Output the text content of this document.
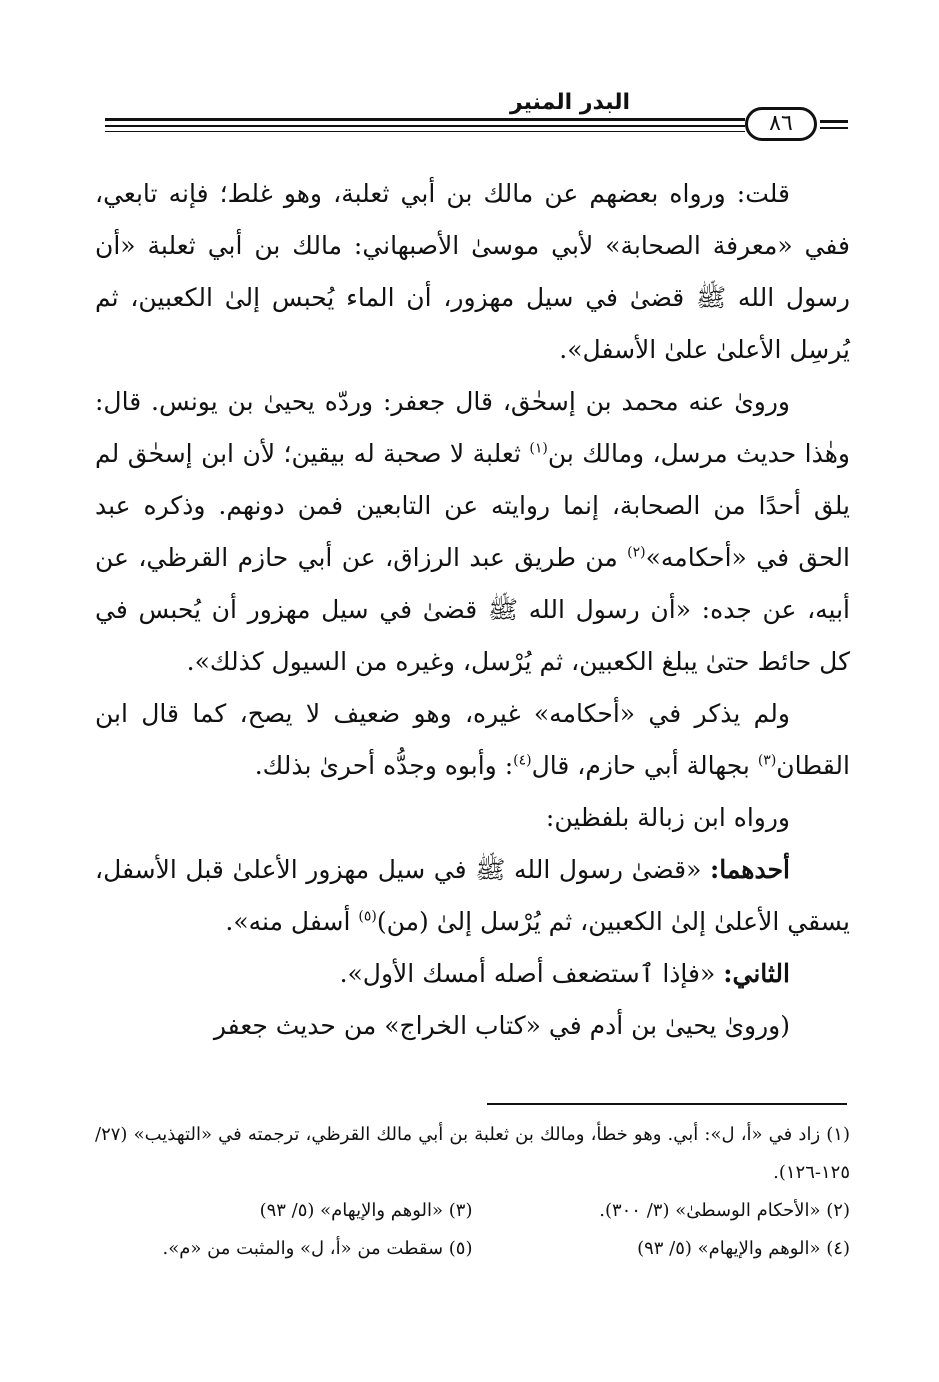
البدر المنير
٨٦

قلت: ورواه بعضهم عن مالك بن أبي ثعلبة، وهو غلط؛ فإنه تابعي، ففي «معرفة الصحابة» لأبي موسىٰ الأصبهاني: مالك بن أبي ثعلبة «أن رسول الله ﷺ قضىٰ في سيل مهزور، أن الماء يُحبس إلىٰ الكعبين، ثم يُرسِل الأعلىٰ علىٰ الأسفل».

وروىٰ عنه محمد بن إسحٰق، قال جعفر: وردّه يحيىٰ بن يونس. قال: وهٰذا حديث مرسل، ومالك بن$^{(١)}$ ثعلبة لا صحبة له بيقين؛ لأن ابن إسحٰق لم يلق أحدًا من الصحابة، إنما روايته عن التابعين فمن دونهم. وذكره عبد الحق في «أحكامه»$^{(٢)}$ من طريق عبد الرزاق، عن أبي حازم القرظي، عن أبيه، عن جده: «أن رسول الله ﷺ قضىٰ في سيل مهزور أن يُحبس في كل حائط حتىٰ يبلغ الكعبين، ثم يُرْسل، وغيره من السيول كذلك».

ولم يذكر في «أحكامه» غيره، وهو ضعيف لا يصح، كما قال ابن القطان$^{(٣)}$ بجهالة أبي حازم، قال$^{(٤)}$: وأبوه وجدُّه أحرىٰ بذلك.

ورواه ابن زبالة بلفظين:

أحدهما: «قضىٰ رسول الله ﷺ في سيل مهزور الأعلىٰ قبل الأسفل، يسقي الأعلىٰ إلىٰ الكعبين، ثم يُرْسل إلىٰ (من)$^{(٥)}$ أسفل منه».

الثاني: «فإذا ٱستضعف أصله أمسك الأول».

(وروىٰ يحيىٰ بن أدم في «كتاب الخراج» من حديث جعفر

(١) زاد في «أ، ل»: أبي. وهو خطأ، ومالك بن ثعلبة بن أبي مالك القرظي، ترجمته في «التهذيب» (٢٧/ ١٢٥-١٢٦).
(٢) «الأحكام الوسطىٰ» (٣/ ٣٠٠).
(٣) «الوهم والإيهام» (٥/ ٩٣)
(٤) «الوهم والإيهام» (٥/ ٩٣)
(٥) سقطت من «أ، ل» والمثبت من «م».
